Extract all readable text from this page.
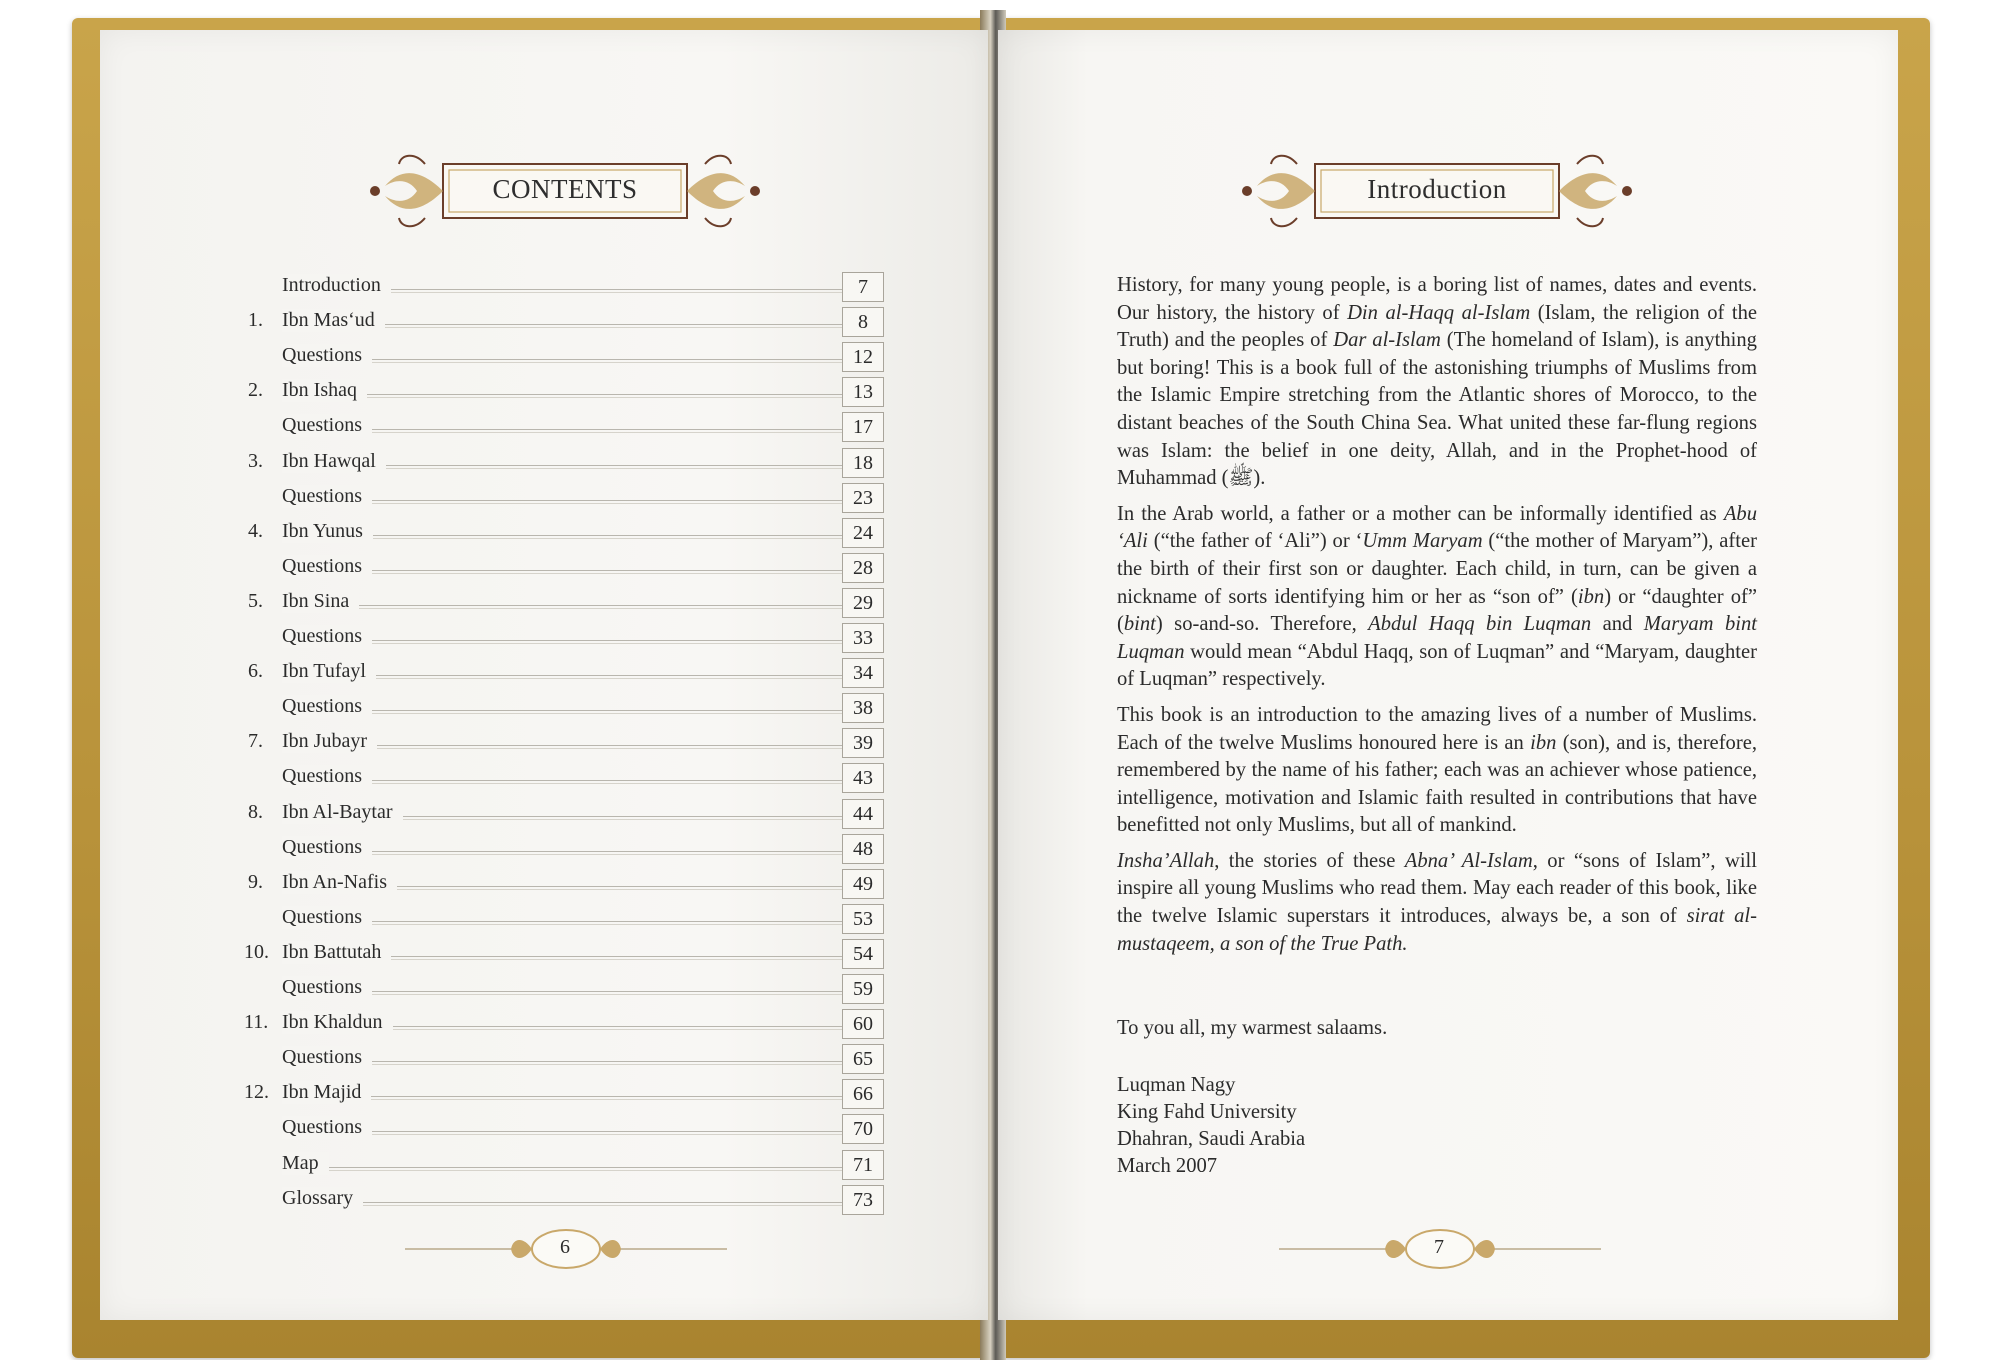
CONTENTS	Introduction
Introduction	7
1. Ibn Mas‘ud	8
Questions	12
2. Ibn Ishaq	13
Questions	17
3. Ibn Hawqal	18
Questions	23
4. Ibn Yunus	24
Questions	28
5. Ibn Sina	29
Questions	33
6. Ibn Tufayl	34
Questions	38
7. Ibn Jubayr	39
Questions	43
8. Ibn Al-Baytar	44
Questions	48
9. Ibn An-Nafis	49
Questions	53
10. Ibn Battutah	54
Questions	59
11. Ibn Khaldun	60
Questions	65
12. Ibn Majid	66
Questions	70
Map	71
Glossary	73

History, for many young people, is a boring list of names, dates and events. Our history, the history of Din al-Haqq al-Islam (Islam, the religion of the Truth) and the peoples of Dar al-Islam (The homeland of Islam), is anything but boring! This is a book full of the astonishing triumphs of Muslims from the Islamic Empire stretching from the Atlantic shores of Morocco, to the distant beaches of the South China Sea. What united these far-flung regions was Islam: the belief in one deity, Allah, and in the Prophet-hood of Muhammad (ﷺ).

In the Arab world, a father or a mother can be informally identified as Abu ‘Ali (“the father of ‘Ali”) or ‘Umm Maryam (“the mother of Maryam”), after the birth of their first son or daughter. Each child, in turn, can be given a nickname of sorts identifying him or her as “son of” (ibn) or “daughter of” (bint) so-and-so. Therefore, Abdul Haqq bin Luqman and Maryam bint Luqman would mean “Abdul Haqq, son of Luqman” and “Maryam, daughter of Luqman” respectively.

This book is an introduction to the amazing lives of a number of Muslims. Each of the twelve Muslims honoured here is an ibn (son), and is, therefore, remembered by the name of his father; each was an achiever whose patience, intelligence, motivation and Islamic faith resulted in contributions that have benefitted not only Muslims, but all of mankind.

Insha’Allah, the stories of these Abna’ Al-Islam, or “sons of Islam”, will inspire all young Muslims who read them. May each reader of this book, like the twelve Islamic superstars it introduces, always be, a son of sirat al-mustaqeem, a son of the True Path.

To you all, my warmest salaams.
Luqman Nagy
King Fahd University
Dhahran, Saudi Arabia
March 2007
6	7
